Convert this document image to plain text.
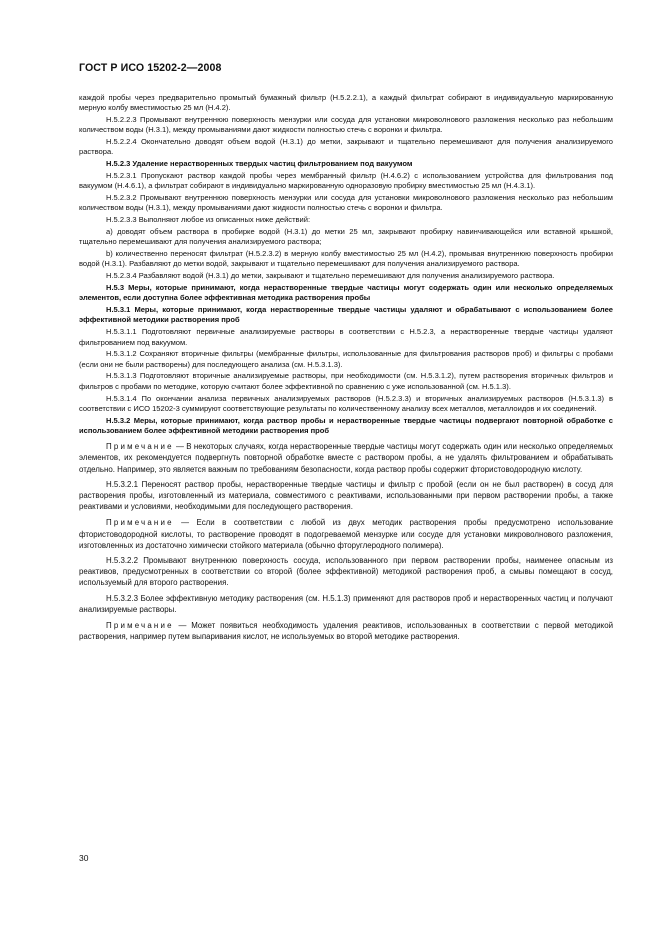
ГОСТ Р ИСО 15202-2—2008

каждой пробы через предварительно промытый бумажный фильтр (Н.5.2.2.1), а каждый фильтрат собирают в индивидуальную маркированную мерную колбу вместимостью 25 мл (Н.4.2).

Н.5.2.2.3 Промывают внутреннюю поверхность мензурки или сосуда для установки микроволнового разложения несколько раз небольшим количеством воды (Н.3.1), между промываниями дают жидкости полностью стечь с воронки и фильтра.

Н.5.2.2.4 Окончательно доводят объем водой (Н.3.1) до метки, закрывают и тщательно перемешивают для получения анализируемого раствора.

Н.5.2.3 Удаление нерастворенных твердых частиц фильтрованием под вакуумом

Н.5.2.3.1 Пропускают раствор каждой пробы через мембранный фильтр (Н.4.6.2) с использованием устройства для фильтрования под вакуумом (Н.4.6.1), а фильтрат собирают в индивидуально маркированную одноразовую пробирку вместимостью 25 мл (Н.4.3.1).

Н.5.2.3.2 Промывают внутреннюю поверхность мензурки или сосуда для установки микроволнового разложения несколько раз небольшим количеством воды (Н.3.1), между промываниями дают жидкости полностью стечь с воронки и фильтра.

Н.5.2.3.3 Выполняют любое из описанных ниже действий:

а) доводят объем раствора в пробирке водой (Н.3.1) до метки 25 мл, закрывают пробирку навинчивающейся или вставной крышкой, тщательно перемешивают для получения анализируемого раствора;

b) количественно переносят фильтрат (Н.5.2.3.2) в мерную колбу вместимостью 25 мл (Н.4.2), промывая внутреннюю поверхность пробирки водой (Н.3.1). Разбавляют до метки водой, закрывают и тщательно перемешивают для получения анализируемого раствора.

Н.5.2.3.4 Разбавляют водой (Н.3.1) до метки, закрывают и тщательно перемешивают для получения анализируемого раствора.

Н.5.3 Меры, которые принимают, когда нерастворенные твердые частицы могут содержать один или несколько определяемых элементов, если доступна более эффективная методика растворения пробы

Н.5.3.1 Меры, которые принимают, когда нерастворенные твердые частицы удаляют и обрабатывают с использованием более эффективной методики растворения проб

Н.5.3.1.1 Подготовляют первичные анализируемые растворы в соответствии с Н.5.2.3, а нерастворенные твердые частицы удаляют фильтрованием под вакуумом.

Н.5.3.1.2 Сохраняют вторичные фильтры (мембранные фильтры, использованные для фильтрования растворов проб) и фильтры с пробами (если они не были растворены) для последующего анализа (см. Н.5.3.1.3).

Н.5.3.1.3 Подготовляют вторичные анализируемые растворы, при необходимости (см. Н.5.3.1.2), путем растворения вторичных фильтров и фильтров с пробами по методике, которую считают более эффективной по сравнению с уже использованной (см. Н.5.1.3).

Н.5.3.1.4 По окончании анализа первичных анализируемых растворов (Н.5.2.3.3) и вторичных анализируемых растворов (Н.5.3.1.3) в соответствии с ИСО 15202-3 суммируют соответствующие результаты по количественному анализу всех металлов, металлоидов и их соединений.

Н.5.3.2 Меры, которые принимают, когда раствор пробы и нерастворенные твердые частицы подвергают повторной обработке с использованием более эффективной методики растворения проб

Примечание — В некоторых случаях, когда нерастворенные твердые частицы могут содержать один или несколько определяемых элементов, их рекомендуется подвергнуть повторной обработке вместе с раствором пробы, а не удалять фильтрованием и обрабатывать отдельно. Например, это является важным по требованиям безопасности, когда раствор пробы содержит фтористоводородную кислоту.

Н.5.3.2.1 Переносят раствор пробы, нерастворенные твердые частицы и фильтр с пробой (если он не был растворен) в сосуд для растворения пробы, изготовленный из материала, совместимого с реактивами, использованными при первом растворении пробы, а также реактивами и условиями, необходимыми для последующего растворения.

Примечание — Если в соответствии с любой из двух методик растворения пробы предусмотрено использование фтористоводородной кислоты, то растворение проводят в подогреваемой мензурке или сосуде для установки микроволнового разложения, изготовленных из достаточно химически стойкого материала (обычно фторуглеродного полимера).

Н.5.3.2.2 Промывают внутреннюю поверхность сосуда, использованного при первом растворении пробы, наименее опасным из реактивов, предусмотренных в соответствии со второй (более эффективной) методикой растворения проб, а смывы помещают в сосуд, используемый для второго растворения.

Н.5.3.2.3 Более эффективную методику растворения (см. Н.5.1.3) применяют для растворов проб и нерастворенных частиц и получают анализируемые растворы.

Примечание — Может появиться необходимость удаления реактивов, использованных в соответствии с первой методикой растворения, например путем выпаривания кислот, не используемых во второй методике растворения.

30
